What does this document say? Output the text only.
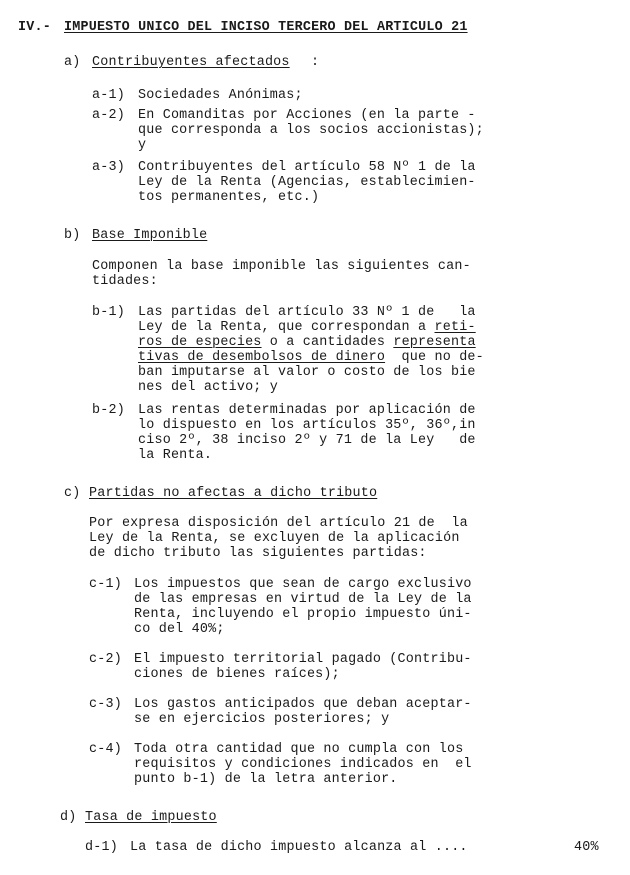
IV.- IMPUESTO UNICO DEL INCISO TERCERO DEL ARTICULO 21
a) Contribuyentes afectados :
a-1) Sociedades Anónimas;
a-2) En Comanditas por Acciones (en la parte -
que corresponda a los socios accionistas);
y
a-3) Contribuyentes del artículo 58 Nº 1 de la
Ley de la Renta (Agencias, establecimien-
tos permanentes, etc.)
b) Base Imponible
Componen la base imponible las siguientes can-
tidades:
b-1) Las partidas del artículo 33 Nº 1 de   la
Ley de la Renta, que correspondan a reti-
ros de especies o a cantidades representa
tivas de desembolsos de dinero  que no de-
ban imputarse al valor o costo de los bie
nes del activo; y
b-2) Las rentas determinadas por aplicación de
lo dispuesto en los artículos 35º, 36º,in
ciso 2º, 38 inciso 2º y 71 de la Ley   de
la Renta.
c) Partidas no afectas a dicho tributo
Por expresa disposición del artículo 21 de  la
Ley de la Renta, se excluyen de la aplicación
de dicho tributo las siguientes partidas:
c-1) Los impuestos que sean de cargo exclusivo
de las empresas en virtud de la Ley de la
Renta, incluyendo el propio impuesto úni-
co del 40%;
c-2) El impuesto territorial pagado (Contribu-
ciones de bienes raíces);
c-3) Los gastos anticipados que deban aceptar-
se en ejercicios posteriores; y
c-4) Toda otra cantidad que no cumpla con los
requisitos y condiciones indicados en  el
punto b-1) de la letra anterior.
d) Tasa de impuesto
d-1) La tasa de dicho impuesto alcanza al ....	40%
